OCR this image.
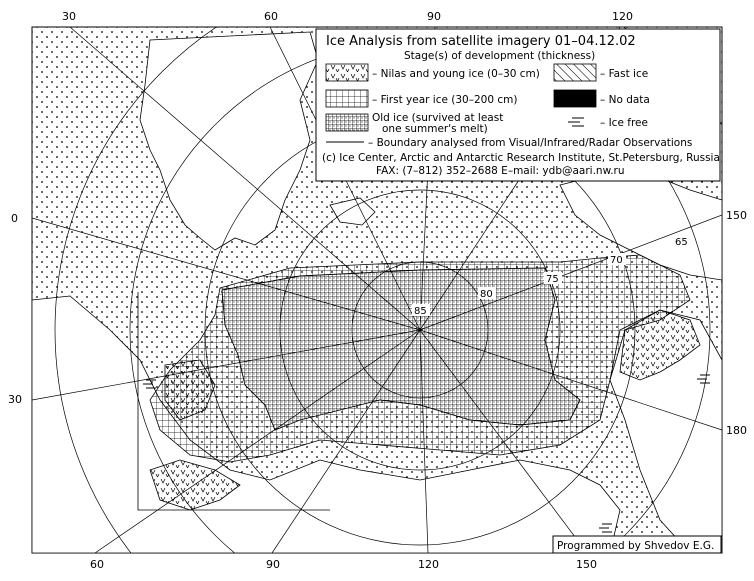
85
80
75
70
65
30	60	90	120
60	90	120	150
0
30
150
180
Ice Analysis from satellite imagery 01–04.12.02
Stage(s) of development (thickness)
– Nilas and young ice (0–30 cm)	– Fast ice
– First year ice (30–200 cm)	– No data
Old ice (survived at least
one summer's melt)	– Ice free
– Boundary analysed from Visual/Infrared/Radar Observations
(c) Ice Center, Arctic and Antarctic Research Institute, St.Petersburg, Russia
FAX: (7–812) 352–2688 E–mail: ydb@aari.nw.ru
Programmed by Shvedov E.G.
